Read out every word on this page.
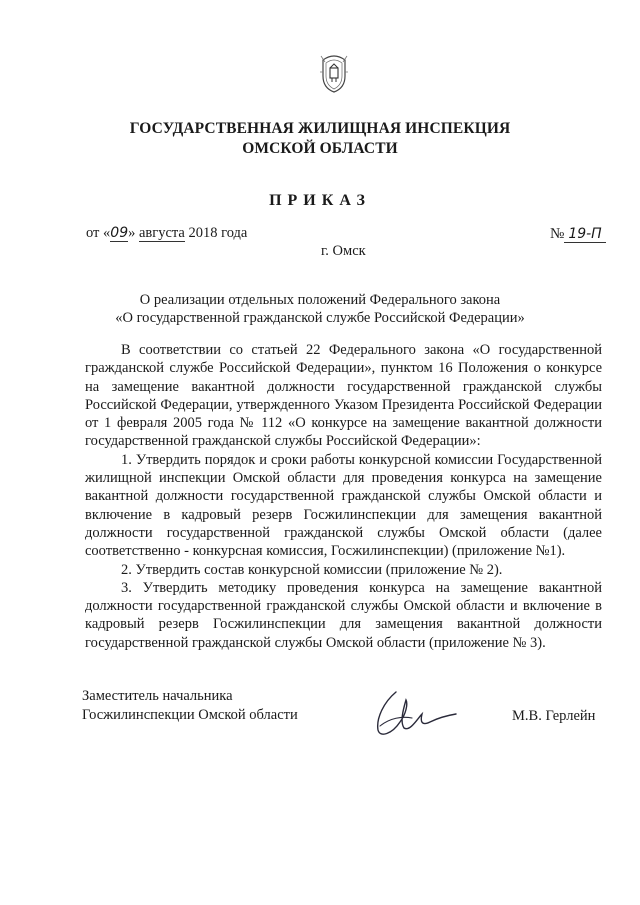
ГОСУДАРСТВЕННАЯ ЖИЛИЩНАЯ ИНСПЕКЦИЯ
ОМСКОЙ ОБЛАСТИ
ПРИКАЗ
от «09» августа 2018 года	№ 19-П
г. Омск
О реализации отдельных положений Федерального закона
«О государственной гражданской службе Российской Федерации»

В соответствии со статьей 22 Федерального закона «О государственной гражданской службе Российской Федерации», пунктом 16 Положения о конкурсе на замещение вакантной должности государственной гражданской службы Российской Федерации, утвержденного Указом Президента Российской Федерации от 1 февраля 2005 года № 112 «О конкурсе на замещение вакантной должности государственной гражданской службы Российской Федерации»:

1. Утвердить порядок и сроки работы конкурсной комиссии Государственной жилищной инспекции Омской области для проведения конкурса на замещение вакантной должности государственной гражданской службы Омской области и включение в кадровый резерв Госжилинспекции для замещения вакантной должности государственной гражданской службы Омской области (далее соответственно - конкурсная комиссия, Госжилинспекции) (приложение №1).

2. Утвердить состав конкурсной комиссии (приложение № 2).

3. Утвердить методику проведения конкурса на замещение вакантной должности государственной гражданской службы Омской области и включение в кадровый резерв Госжилинспекции для замещения вакантной должности государственной гражданской службы Омской области (приложение № 3).

Заместитель начальника
Госжилинспекции Омской области	М.В. Герлейн
